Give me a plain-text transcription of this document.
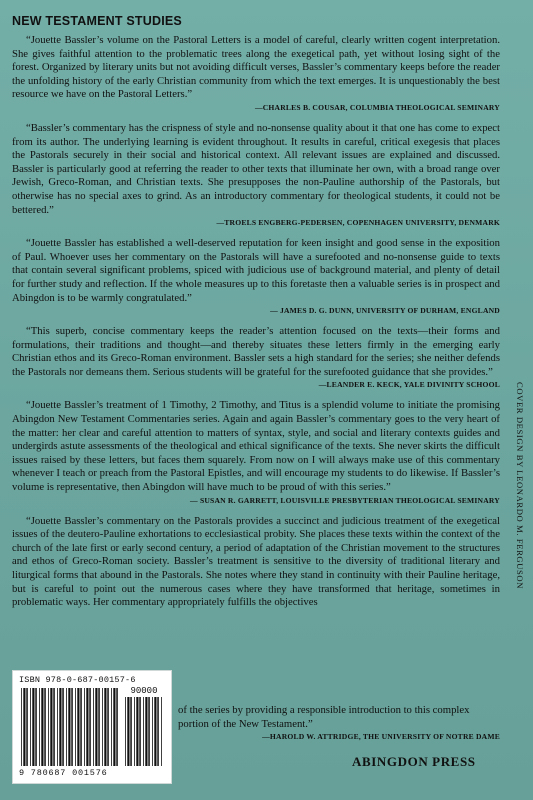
NEW TESTAMENT STUDIES

“Jouette Bassler’s volume on the Pastoral Letters is a model of careful, clearly written cogent interpretation. She gives faithful attention to the problematic trees along the exegetical path, yet without losing sight of the forest. Organized by literary units but not avoiding difficult verses, Bassler’s commentary keeps before the reader the unfolding history of the early Christian community from which the text emerges. It is unquestionably the best resource we have on the Pastoral Letters.”

—CHARLES B. COUSAR, COLUMBIA THEOLOGICAL SEMINARY

“Bassler’s commentary has the crispness of style and no-nonsense quality about it that one has come to expect from its author. The underlying learning is evident throughout. It results in careful, critical exegesis that places the Pastorals securely in their social and historical context. All relevant issues are explained and discussed. Bassler is particularly good at referring the reader to other texts that illuminate her own, with a broad range over Jewish, Greco-Roman, and Christian texts. She presupposes the non-Pauline authorship of the Pastorals, but otherwise has no special axes to grind. As an introductory commentary for theological students, it could not be bettered.”

—TROELS ENGBERG-PEDERSEN, COPENHAGEN UNIVERSITY, DENMARK

“Jouette Bassler has established a well-deserved reputation for keen insight and good sense in the exposition of Paul. Whoever uses her commentary on the Pastorals will have a surefooted and no-nonsense guide to texts that contain several significant problems, spiced with judicious use of background material, and plenty of detail for further study and reflection. If the whole measures up to this foretaste then a valuable series is in prospect and Abingdon is to be warmly congratulated.”

— JAMES D. G. DUNN, UNIVERSITY OF DURHAM, ENGLAND

“This superb, concise commentary keeps the reader’s attention focused on the texts—their forms and formulations, their traditions and thought—and thereby situates these letters firmly in the emerging early Christian ethos and its Greco-Roman environment. Bassler sets a high standard for the series; she neither defends the Pastorals nor demeans them. Serious students will be grateful for the surefooted guidance that she provides.”

—LEANDER E. KECK, YALE DIVINITY SCHOOL

“Jouette Bassler’s treatment of 1 Timothy, 2 Timothy, and Titus is a splendid volume to initiate the promising Abingdon New Testament Commentaries series. Again and again Bassler’s commentary goes to the very heart of the matter: her clear and careful attention to matters of syntax, style, and social and literary contexts guides and undergirds astute assessments of the theological and ethical significance of the texts. She never skirts the difficult issues raised by these letters, but faces them squarely. From now on I will always make use of this commentary whenever I teach or preach from the Pastoral Epistles, and will encourage my students to do likewise. If Bassler’s volume is representative, then Abingdon will have much to be proud of with this series.”

— SUSAN R. GARRETT, LOUISVILLE PRESBYTERIAN THEOLOGICAL SEMINARY

“Jouette Bassler’s commentary on the Pastorals provides a succinct and judicious treatment of the exegetical issues of the deutero-Pauline exhortations to ecclesiastical probity. She places these texts within the context of the church of the late first or early second century, a period of adaptation of the Christian movement to the structures and ethos of Greco-Roman society. Bassler’s treatment is sensitive to the diversity of traditional literary and liturgical forms that abound in the Pastorals. She notes where they stand in continuity with their Pauline heritage, but is careful to point out the numerous cases where they have transformed that heritage, sometimes in problematic ways. Her commentary appropriately fulfills the objectives

of the series by providing a responsible introduction to this complex portion of the New Testament.”
—HAROLD W. ATTRIDGE, THE UNIVERSITY OF NOTRE DAME
ISBN 978-0-687-00157-6
90000
9 780687 001576
ABINGDON PRESS
COVER DESIGN BY LEONARDO M. FERGUSON
